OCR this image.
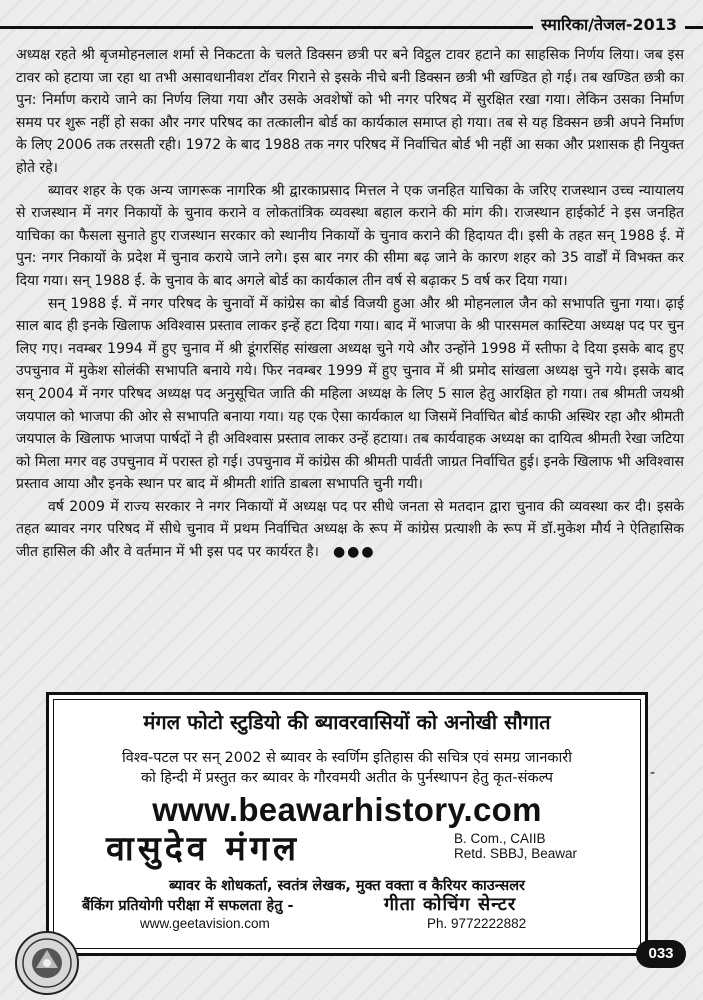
स्मारिका/तेजल-2013

अध्यक्ष रहते श्री बृजमोहनलाल शर्मा से निकटता के चलते डिक्सन छत्री पर बने विट्ठल टावर हटाने का साहसिक निर्णय लिया। जब इस टावर को हटाया जा रहा था तभी असावधानीवश टॉवर गिराने से इसके नीचे बनी डिक्सन छत्री भी खण्डित हो गई। तब खण्डित छत्री का पुन: निर्माण कराये जाने का निर्णय लिया गया और उसके अवशेषों को भी नगर परिषद में सुरक्षित रखा गया। लेकिन उसका निर्माण समय पर शुरू नहीं हो सका और नगर परिषद का तत्कालीन बोर्ड का कार्यकाल समाप्त हो गया। तब से यह डिक्सन छत्री अपने निर्माण के लिए 2006 तक तरसती रही। 1972 के बाद 1988 तक नगर परिषद में निर्वाचित बोर्ड भी नहीं आ सका और प्रशासक ही नियुक्त होते रहे।

ब्यावर शहर के एक अन्य जागरूक नागरिक श्री द्वारकाप्रसाद मित्तल ने एक जनहित याचिका के जरिए राजस्थान उच्च न्यायालय से राजस्थान में नगर निकायों के चुनाव कराने व लोकतांत्रिक व्यवस्था बहाल कराने की मांग की। राजस्थान हाईकोर्ट ने इस जनहित याचिका का फैसला सुनाते हुए राजस्थान सरकार को स्थानीय निकायों के चुनाव कराने की हिदायत दी। इसी के तहत सन् 1988 ई. में पुन: नगर निकायों के प्रदेश में चुनाव कराये जाने लगे। इस बार नगर की सीमा बढ़ जाने के कारण शहर को 35 वार्डों में विभक्त कर दिया गया। सन् 1988 ई. के चुनाव के बाद अगले बोर्ड का कार्यकाल तीन वर्ष से बढ़ाकर 5 वर्ष कर दिया गया।

सन् 1988 ई. में नगर परिषद के चुनावों में कांग्रेस का बोर्ड विजयी हुआ और श्री मोहनलाल जैन को सभापति चुना गया। ढ़ाई साल बाद ही इनके खिलाफ अविश्वास प्रस्ताव लाकर इन्हें हटा दिया गया। बाद में भाजपा के श्री पारसमल कास्टिया अध्यक्ष पद पर चुन लिए गए। नवम्बर 1994 में हुए चुनाव में श्री डूंगरसिंह सांखला अध्यक्ष चुने गये और उन्होंने 1998 में स्तीफा दे दिया इसके बाद हुए उपचुनाव में मुकेश सोलंकी सभापति बनाये गये। फिर नवम्बर 1999 में हुए चुनाव में श्री प्रमोद सांखला अध्यक्ष चुने गये। इसके बाद सन् 2004 में नगर परिषद अध्यक्ष पद अनुसूचित जाति की महिला अध्यक्ष के लिए 5 साल हेतु आरक्षित हो गया। तब श्रीमती जयश्री जयपाल को भाजपा की ओर से सभापति बनाया गया। यह एक ऐसा कार्यकाल था जिसमें निर्वाचित बोर्ड काफी अस्थिर रहा और श्रीमती जयपाल के खिलाफ भाजपा पार्षदों ने ही अविश्वास प्रस्ताव लाकर उन्हें हटाया। तब कार्यवाहक अध्यक्ष का दायित्व श्रीमती रेखा जटिया को मिला मगर वह उपचुनाव में परास्त हो गई। उपचुनाव में कांग्रेस की श्रीमती पार्वती जाग्रत निर्वाचित हुई। इनके खिलाफ भी अविश्वास प्रस्ताव आया और इनके स्थान पर बाद में श्रीमती शांति डाबला सभापति चुनी गयी।

वर्ष 2009 में राज्य सरकार ने नगर निकायों में अध्यक्ष पद पर सीधे जनता से मतदान द्वारा चुनाव की व्यवस्था कर दी। इसके तहत ब्यावर नगर परिषद में सीधे चुनाव में प्रथम निर्वाचित अध्यक्ष के रूप में कांग्रेस प्रत्याशी के रूप में डॉ.मुकेश मौर्य ने ऐतिहासिक जीत हासिल की और वे वर्तमान में भी इस पद पर कार्यरत है। ●●●

मंगल फोटो स्टुडियो की ब्यावरवासियों को अनोखी सौगात
विश्व-पटल पर सन् 2002 से ब्यावर के स्वर्णिम इतिहास की सचित्र एवं समग्र जानकारी
को हिन्दी में प्रस्तुत कर ब्यावर के गौरवमयी अतीत के पुर्नस्थापन हेतु कृत-संकल्प
www.beawarhistory.com
वासुदेव मंगल	B. Com., CAIIB
Retd. SBBJ, Beawar
ब्यावर के शोधकर्ता, स्वतंत्र लेखक, मुक्त वक्ता व कैरियर काउन्सलर
बैंकिंग प्रतियोगी परीक्षा में सफलता हेतु -	गीता कोचिंग सेन्टर
www.geetavision.com	Ph. 9772222882
-
033
